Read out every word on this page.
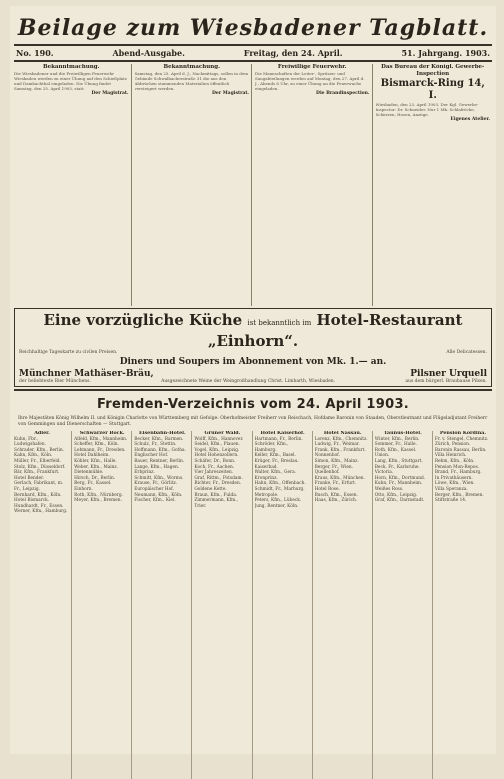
Beilage zum Wiesbadener Tagblatt.
No. 190.	Abend-Ausgabe.	Freitag, den 24. April.	51. Jahrgang. 1903.
Bekanntmachung.
Die Wiesbadener und die Freiwilligen Feuerwehr Wiesbaden werden zu einer Übung auf den Schießplatz und Dambachthal eingeladen. Die Übung findet Samstag, den 25. April 1903, statt.
Der Magistrat.
Bekanntmachung.
Samstag, den 25. April d. J., Nachmittags, sollen in dem Gebäude Schwalbacherstraße 31 die aus den Abbrüchen stammenden Materialien öffentlich versteigert werden.
Der Magistrat.
Freiwillige Feuerwehr.
Die Mannschaften der Leiter-, Spritzen- und Saugabteilungen werden auf Montag, den 27. April d. J., Abends 6 Uhr, zu einer Übung an die Feuerwache eingeladen.
Die Brandinspection.
Das Bureau der Königl. Gewerbe-Inspection
Bismarck-Ring 14, I.
Wiesbaden, den 23. April 1903. Der Kgl. Gewerbe-Inspector: Dr. Schneider. Nur 1 Mk. Schlafröcke, Schürzen, Hosen, Anzüge.
Eigenes Atelier.
Eine vorzügliche Küche ist bekanntlich im Hotel-Restaurant „Einhorn“.
Reichhaltige Tageskarte zu civilen Preisen.	Alle Delicatessen.
Diners und Soupers im Abonnement von Mk. 1.— an.
Münchner Mathäser-Bräu,	Pilsner Urquell
der beliebteste Bier Münchens.	Ausgezeichnete Weine der Weingroßhandlung Christ. Limbarth, Wiesbaden.	aus dem bürgerl. Brauhause Pilsen.
Fremden-Verzeichnis vom 24. April 1903.
Ihre Majestäten König Wilhelm II. und Königin Charlotte von Württemberg mit Gefolge: Oberhofmeister Freiherr von Reischach, Hofdame Baronin von Staaden, Oberstleutnant und Flügeladjutant Freiherr von Gemmingen und Dienerschaften — Stuttgart.
Adler.
Kuhn, Fbr., Ludwigshafen.
Schrader, Kfm., Berlin.
Kahn, Kfm., Köln.
Müller, Fr., Elberfeld.
Stolz, Kfm., Düsseldorf.
Bär, Kfm., Frankfurt.
Hotel Bender.
Gerlach, Fabrikant, m. Fr., Leipzig.
Bernhard, Kfm., Köln.
Hotel Bismarck.
Hundhardt, Fr., Essen.
Werner, Kfm., Hamburg.
Schwarzer Bock.
Alfeld, Kfm., Mannheim.
Scheffer, Kfm., Köln.
Lehmann, Fr., Dresden.
Hotel Dahlheim.
Köhler, Kfm., Halle.
Weber, Kfm., Mainz.
Dietenmühle.
Hirsch, Dr., Berlin.
Berg, Fr., Kassel.
Einhorn.
Roth, Kfm., Nürnberg.
Meyer, Kfm., Bremen.
Eisenbahn-Hotel.
Becker, Kfm., Barmen.
Schulz, Fr., Stettin.
Hoffmann, Kfm., Gotha.
Englischer Hof.
Bauer, Rentner, Berlin.
Lange, Kfm., Hagen.
Erbprinz.
Schmitt, Kfm., Worms.
Krause, Fr., Görlitz.
Europäischer Hof.
Neumann, Kfm., Köln.
Fischer, Kfm., Kiel.
Grüner Wald.
Wolff, Kfm., Hannover.
Seidel, Kfm., Plauen.
Vogel, Kfm., Leipzig.
Hotel Hohenzollern.
Schäfer, Dr., Bonn.
Koch, Fr., Aachen.
Vier Jahreszeiten.
Graf, Rittm., Potsdam.
Richter, Fr., Dresden.
Goldene Kette.
Braun, Kfm., Fulda.
Zimmermann, Kfm., Trier.
Hotel Kaiserhof.
Hartmann, Fr., Berlin.
Schröder, Kfm., Hamburg.
Keller, Kfm., Basel.
Krüger, Fr., Breslau.
Kaiserbad.
Walter, Kfm., Gera.
Kronprinz.
Hahn, Kfm., Offenbach.
Schmidt, Fr., Marburg.
Metropole.
Peters, Kfm., Lübeck.
Jung, Rentner, Köln.
Hotel Nassau.
Lorenz, Kfm., Chemnitz.
Ludwig, Fr., Weimar.
Frank, Kfm., Frankfurt.
Nonnenhof.
Simon, Kfm., Mainz.
Berger, Fr., Wien.
Quellenhof.
Kraus, Kfm., München.
Franke, Fr., Erfurt.
Hotel Rose.
Busch, Kfm., Essen.
Haas, Kfm., Zürich.
Taunus-Hotel.
Winter, Kfm., Berlin.
Sommer, Fr., Halle.
Roth, Kfm., Kassel.
Union.
Lang, Kfm., Stuttgart.
Beck, Fr., Karlsruhe.
Victoria.
Horn, Kfm., Dortmund.
Kuhn, Fr., Mannheim.
Weißes Ross.
Otto, Kfm., Leipzig.
Graf, Kfm., Darmstadt.
Pension Kordina.
Fr. v. Stengel, Chemnitz.
Zürich, Pension.
Baronin Rassau, Berlin.
Villa Heinrich.
Rehm, Kfm., Köln.
Pension Mon-Repos.
Brand, Fr., Hamburg.
In Privathäusern.
Löwe, Kfm., Wien.
Villa Speranza.
Berger, Kfm., Bremen.
Stiftstraße 14.
